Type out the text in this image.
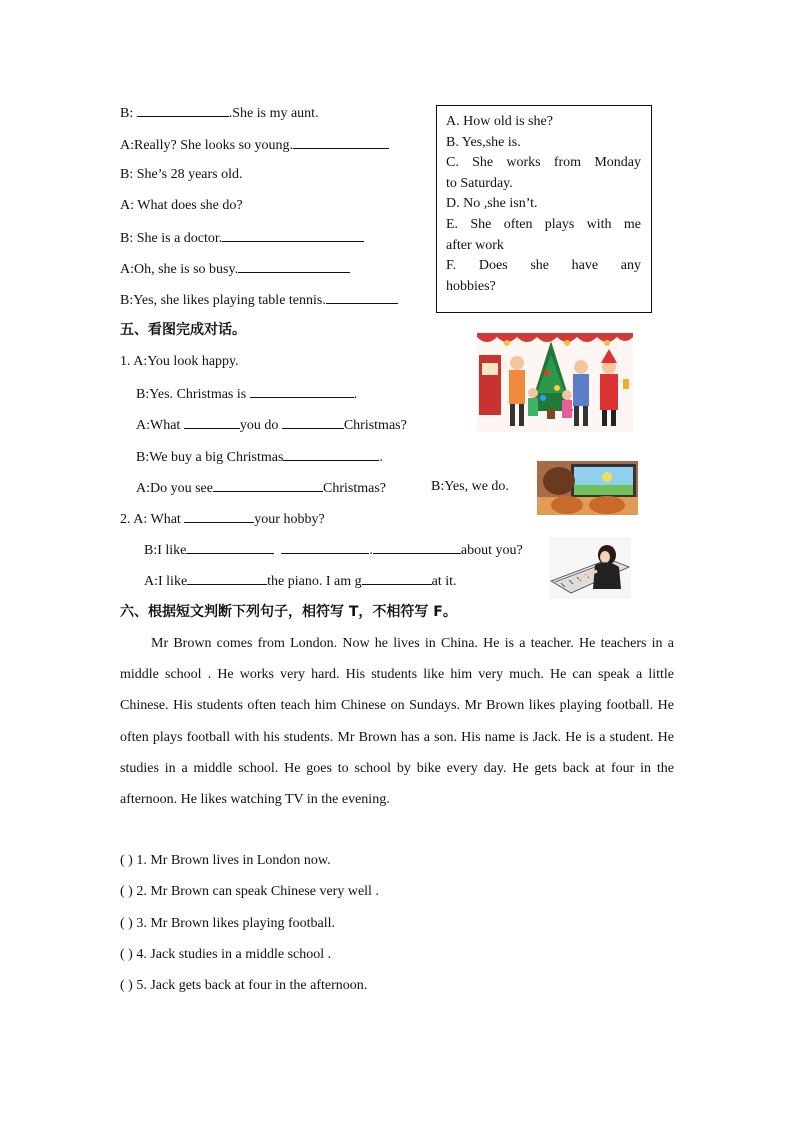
B:	.She is my aunt.
A:Really? She looks so young.
B: She’s 28 years old.
A: What does she do?
B: She is a doctor.
A:Oh, she is so busy.
B:Yes, she likes playing table tennis.
A. How old is she?
B. Yes,she is.
C. She works from Monday
to Saturday.
D. No ,she isn’t.
E. She often plays with me
after work
F. Does she have any
hobbies?
五、看图完成对话。
1. A:You look happy.
B:Yes. Christmas is	.
A:What	you do	Christmas?
B:We buy a big Christmas	.
A:Do you see	Christmas?	B:Yes, we do.
2. A: What	your hobby?
B:I like	.	about you?
A:I like	the piano. I am g	at it.
六、根据短文判断下列句子，相符写 T，不相符写 F。
Mr Brown comes from London. Now he lives in China. He is a teacher. He teachers in a middle school . He works very hard. His students like him very much. He can speak a little Chinese. His students often teach him Chinese on Sundays. Mr Brown likes playing football. He often plays football with his students. Mr Brown has a son. His name is Jack. He is a student. He studies in a middle school. He goes to school by bike every day. He gets back at four in the afternoon. He likes watching TV in the evening.
( ) 1. Mr Brown lives in London now.
( ) 2. Mr Brown can speak Chinese very well .
( ) 3. Mr Brown likes playing football.
( ) 4. Jack studies in a middle school .
( ) 5. Jack gets back at four in the afternoon.
